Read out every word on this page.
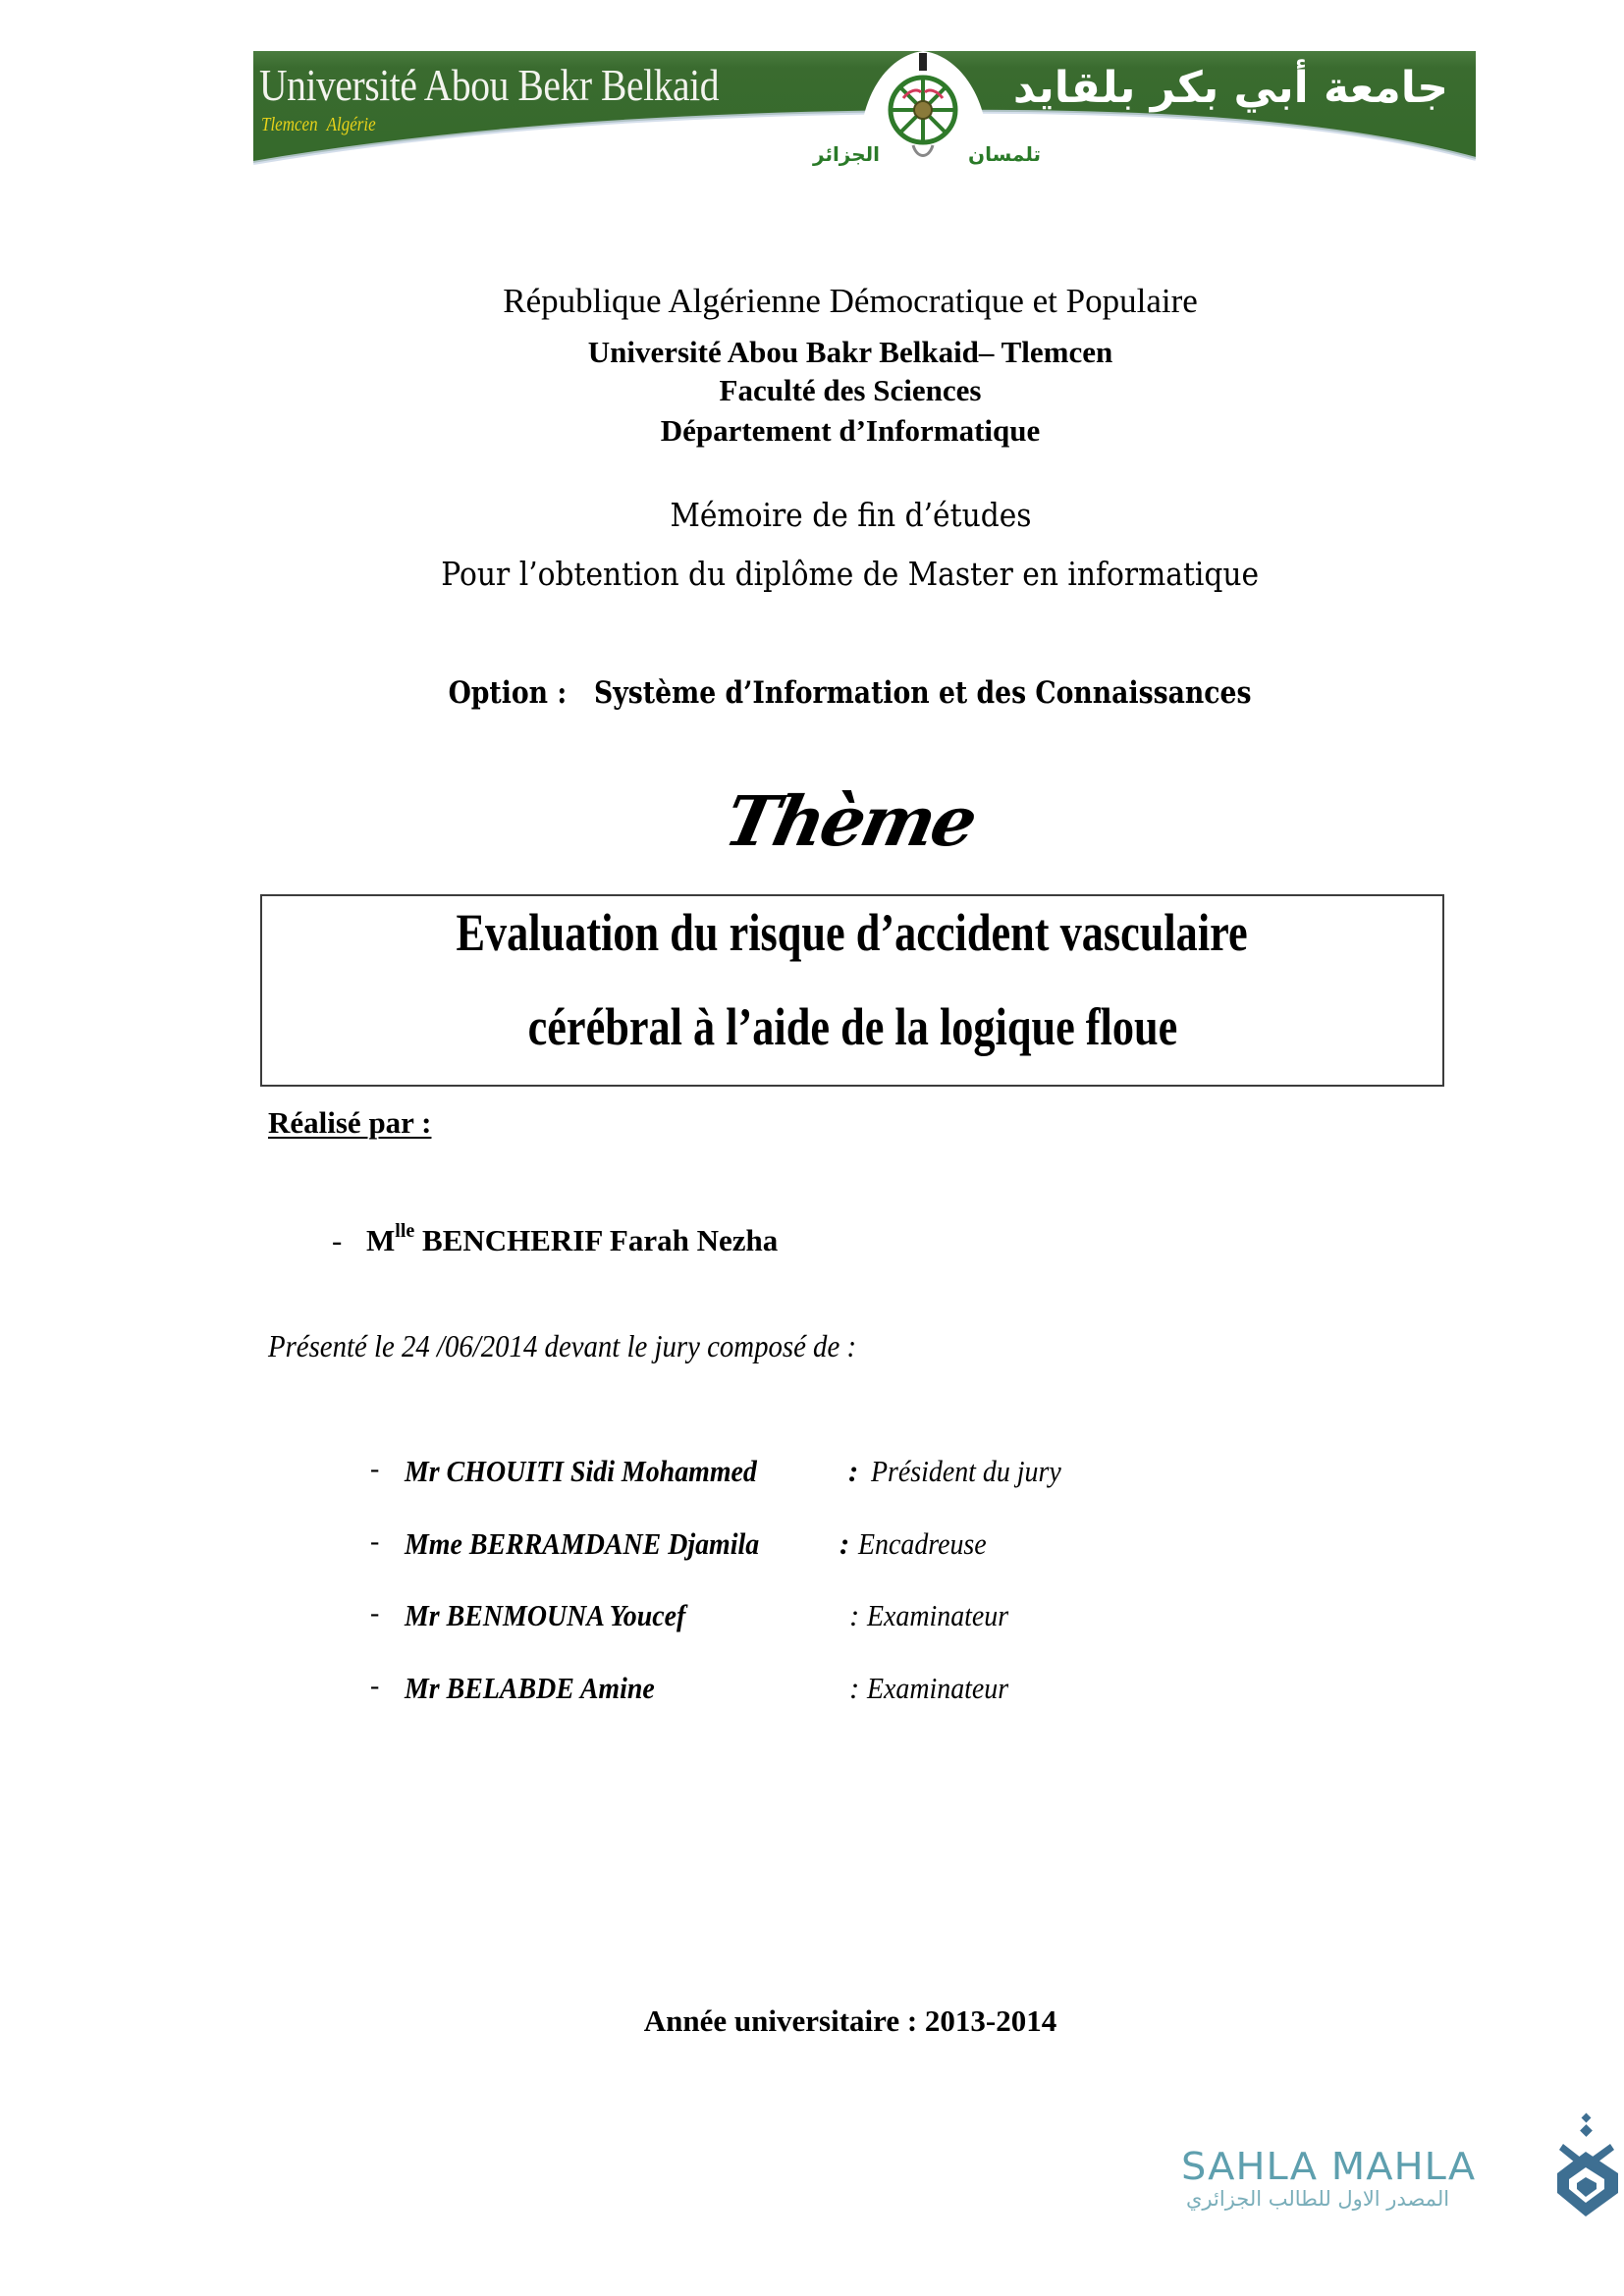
Université Abou Bekr Belkaid
Tlemcen Algérie
جامعة أبي بكر بلقايد
الجزائر	تلمسان
République Algérienne Démocratique et Populaire
Université Abou Bakr Belkaid– Tlemcen
Faculté des Sciences
Département d’Informatique
Mémoire de fin d’études
Pour l’obtention du diplôme de Master en informatique
Option : Système d’Information et des Connaissances
Thème
Evaluation du risque d’accident vasculaire
cérébral à l’aide de la logique floue
Réalisé par :
- $M^{lle}$ BENCHERIF Farah Nezha
Présenté le 24 /06/2014 devant le jury composé de :
- Mr CHOUITI Sidi Mohammed	: Président du jury
- Mme BERRAMDANE Djamila	: Encadreuse
- Mr BENMOUNA Youcef	: Examinateur
- Mr BELABDE Amine	: Examinateur
Année universitaire : 2013-2014
SAHLA MAHLA
المصدر الاول للطالب الجزائري
